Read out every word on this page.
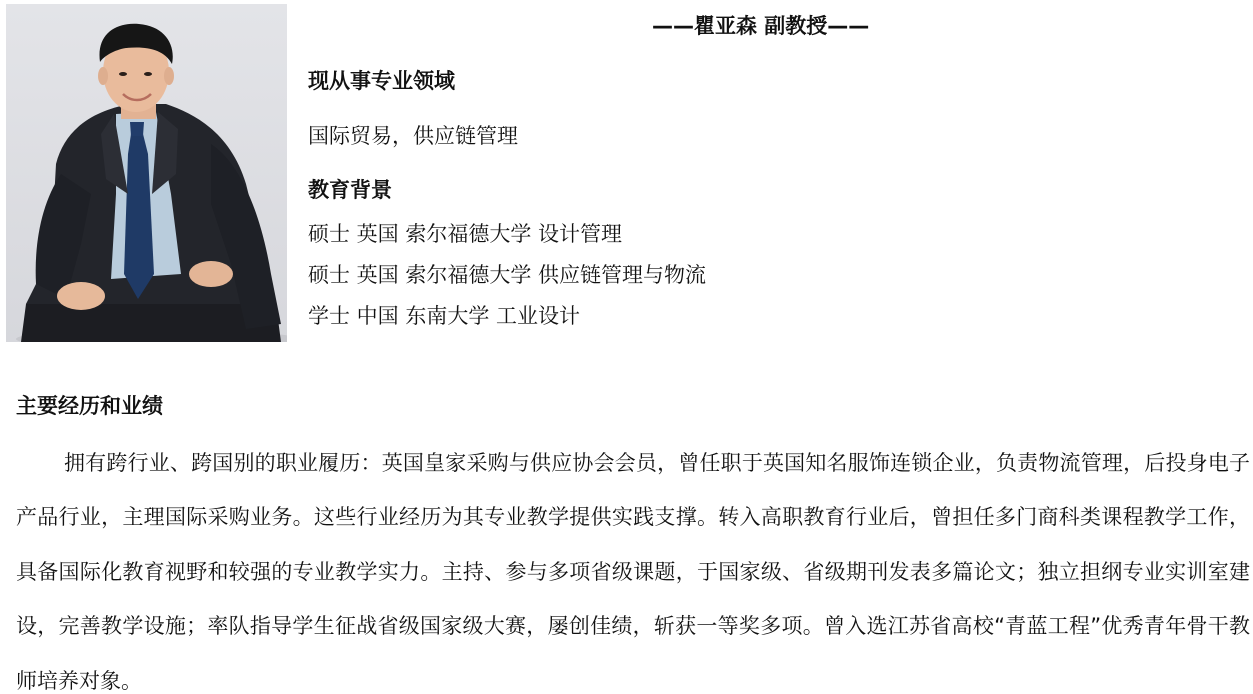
——瞿亚森 副教授——
现从事专业领域
国际贸易，供应链管理
教育背景
硕士 英国 索尔福德大学 设计管理
硕士 英国 索尔福德大学 供应链管理与物流
学士 中国 东南大学 工业设计
主要经历和业绩
拥有跨行业、跨国别的职业履历：英国皇家采购与供应协会会员，曾任职于英国知名服饰连锁企业，负责物流管理，后投身电子产品行业，主理国际采购业务。这些行业经历为其专业教学提供实践支撑。转入高职教育行业后，曾担任多门商科类课程教学工作，具备国际化教育视野和较强的专业教学实力。主持、参与多项省级课题，于国家级、省级期刊发表多篇论文；独立担纲专业实训室建设，完善教学设施；率队指导学生征战省级国家级大赛，屡创佳绩，斩获一等奖多项。曾入选江苏省高校“青蓝工程”优秀青年骨干教师培养对象。
